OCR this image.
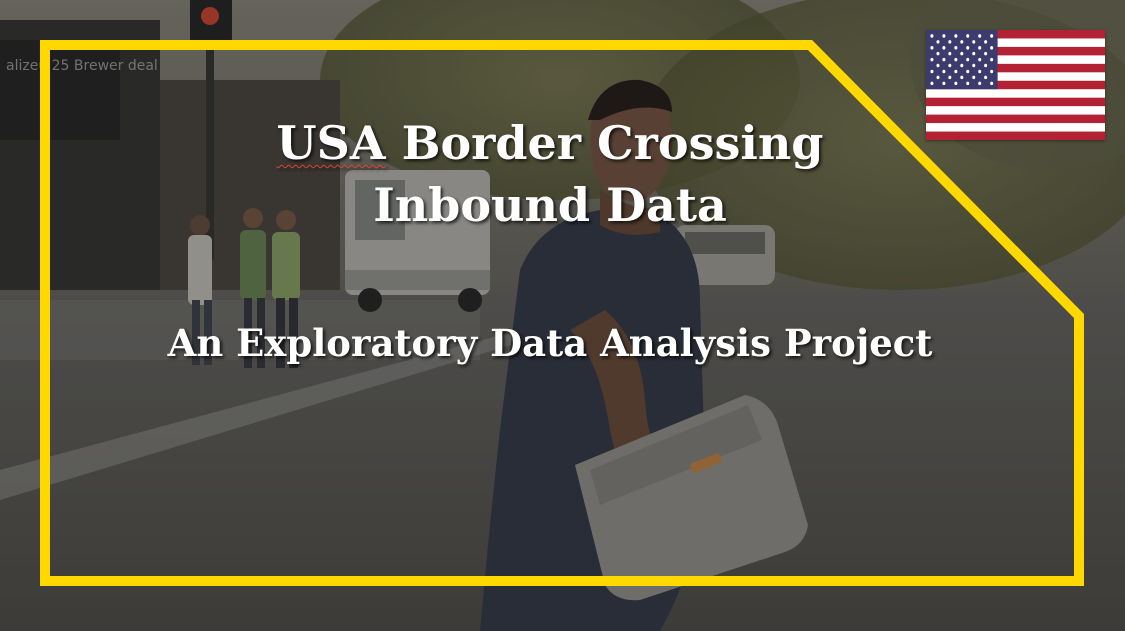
alizeu 25 Brewer deal
USA Border Crossing
Inbound Data

An Exploratory Data Analysis Project
